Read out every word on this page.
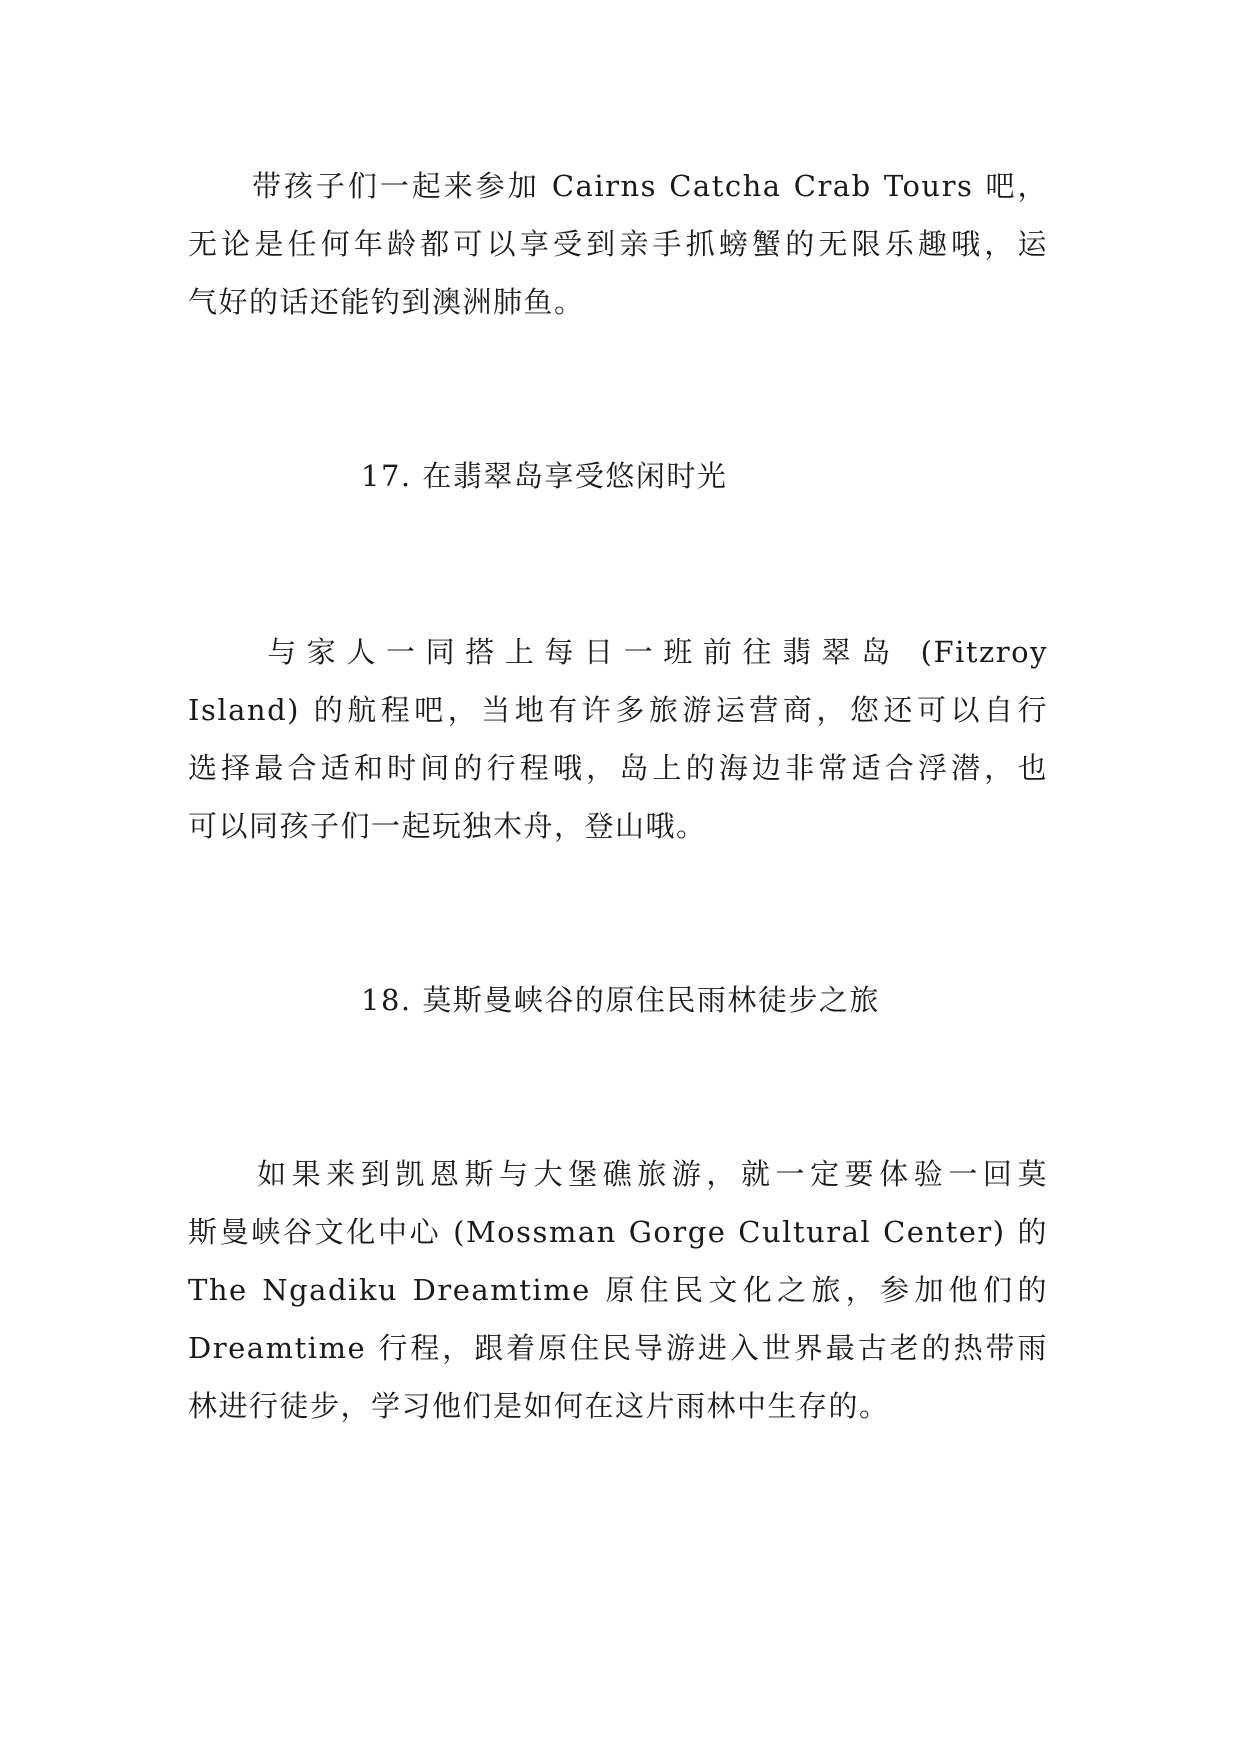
　　带孩子们一起来参加 Cairns Catcha Crab Tours 吧，
无论是任何年龄都可以享受到亲手抓螃蟹的无限乐趣哦，运
气好的话还能钓到澳洲肺鱼。
　　17. 在翡翠岛享受悠闲时光
　　与家人一同搭上每日一班前往翡翠岛 (Fitzroy
Island) 的航程吧，当地有许多旅游运营商，您还可以自行
选择最合适和时间的行程哦，岛上的海边非常适合浮潜，也
可以同孩子们一起玩独木舟，登山哦。
　　18. 莫斯曼峡谷的原住民雨林徒步之旅
　　如果来到凯恩斯与大堡礁旅游，就一定要体验一回莫
斯曼峡谷文化中心 (Mossman Gorge Cultural Center) 的
The Ngadiku Dreamtime 原住民文化之旅，参加他们的
Dreamtime 行程，跟着原住民导游进入世界最古老的热带雨
林进行徒步，学习他们是如何在这片雨林中生存的。
